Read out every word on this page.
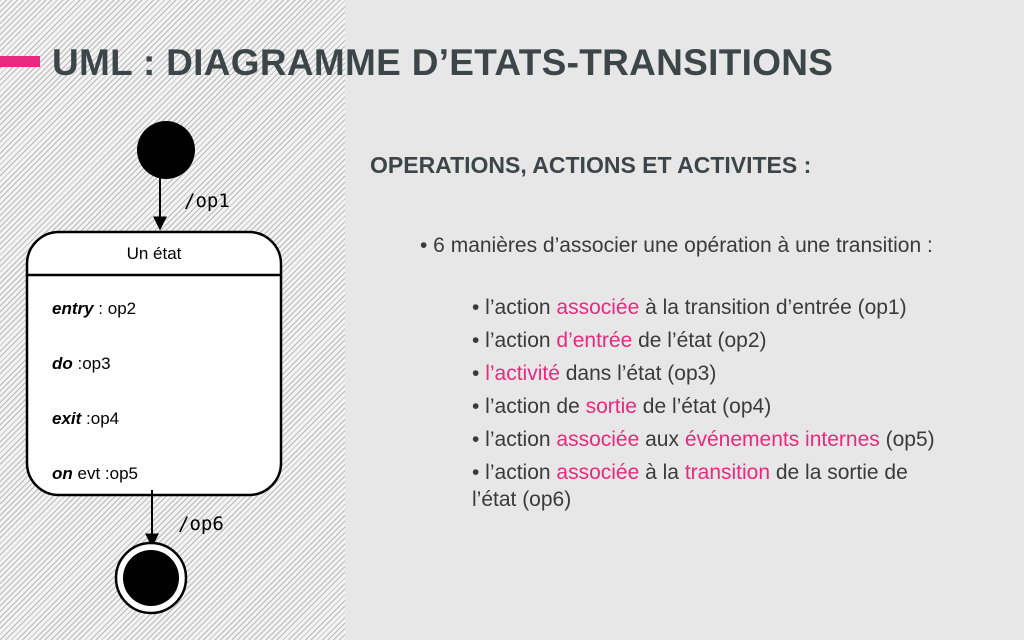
UML : DIAGRAMME D’ETATS-TRANSITIONS
/op1
Un état
entry : op2
do :op3
exit :op4
on evt :op5
/op6
OPERATIONS, ACTIONS ET ACTIVITES :

• 6 manières d’associer une opération à une transition :

• l’action associée à la transition d’entrée (op1)
• l’action d’entrée de l’état (op2)
• l’activité dans l’état (op3)
• l’action de sortie de l’état (op4)
• l’action associée aux événements internes (op5)
• l’action associée à la transition de la sortie de l’état (op6)
